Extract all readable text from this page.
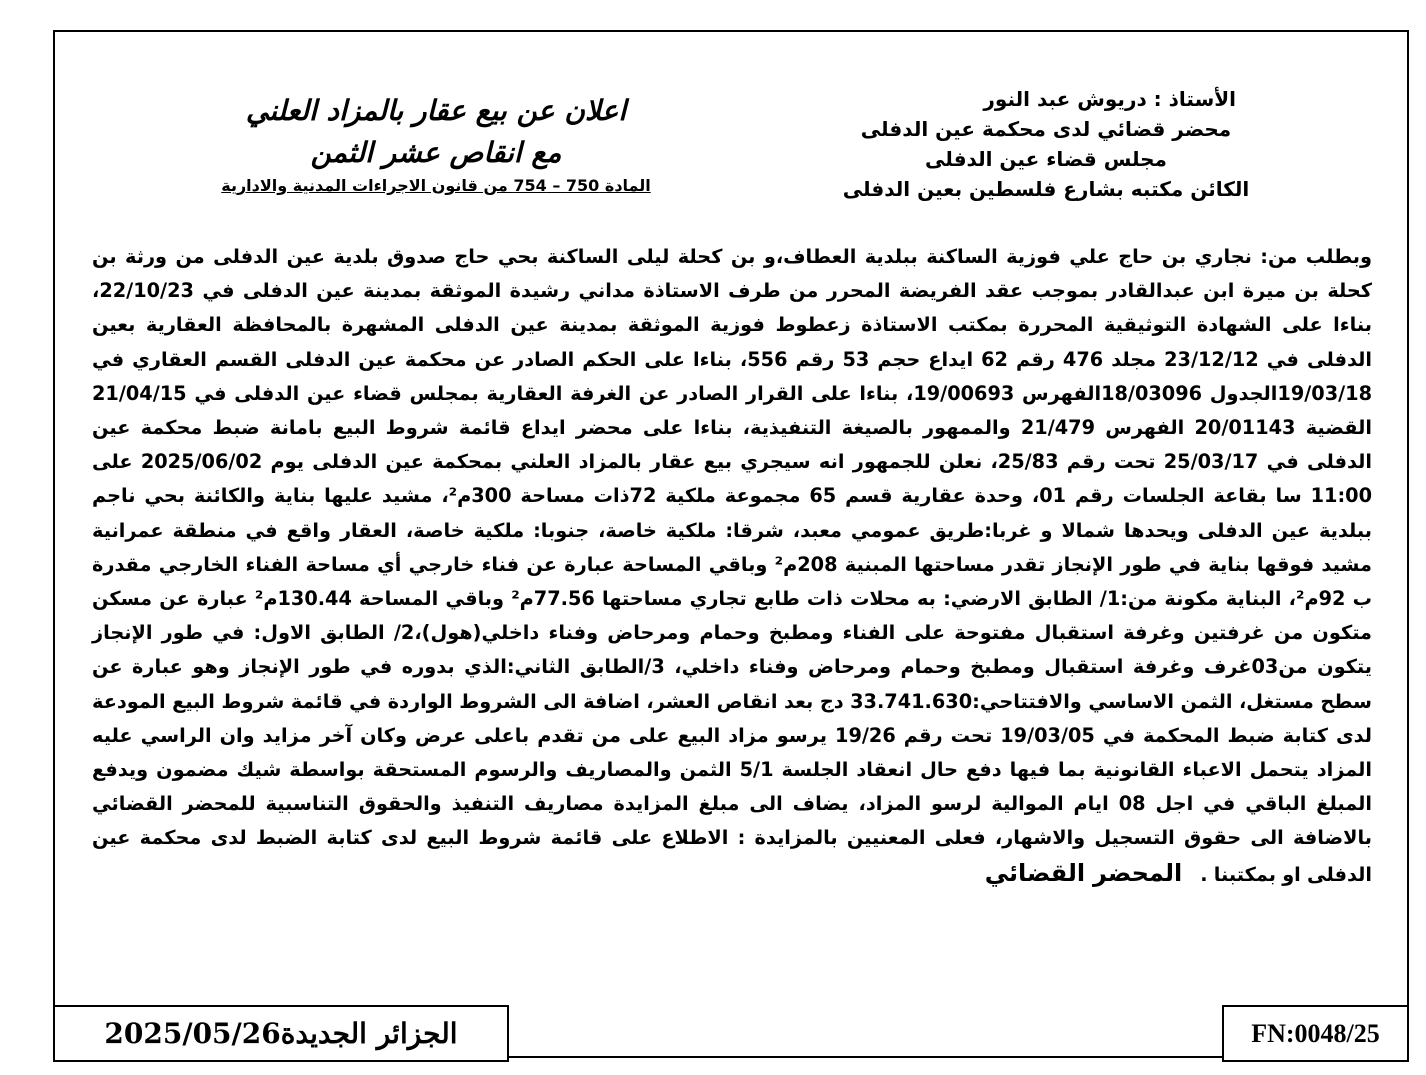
الأستاذ : دريوش عبد النور
محضر قضائي لدى محكمة عين الدفلى
مجلس قضاء عين الدفلى
الكائن مكتبه بشارع فلسطين بعين الدفلى
اعلان عن بيع عقار بالمزاد العلني
مع انقاص عشر الثمن
المادة 750 – 754 من قانون الاجراءات المدنية والادارية

وبطلب من: نجاري بن حاج علي فوزية الساكنة ببلدية العطاف،و بن كحلة ليلى الساكنة بحي حاج صدوق بلدية عين الدفلى من ورثة بن كحلة بن ميرة ابن عبدالقادر بموجب عقد الفريضة المحرر من طرف الاستاذة مداني رشيدة الموثقة بمدينة عين الدفلى في 22/10/23، بناءا على الشهادة التوثيقية المحررة بمكتب الاستاذة زعطوط فوزية الموثقة بمدينة عين الدفلى المشهرة بالمحافظة العقارية بعين الدفلى في 23/12/12 مجلد 476 رقم 62 ايداع حجم 53 رقم 556، بناءا على الحكم الصادر عن محكمة عين الدفلى القسم العقاري في 19/03/18الجدول 18/03096الفهرس 19/00693، بناءا على القرار الصادر عن الغرفة العقارية بمجلس قضاء عين الدفلى في 21/04/15 القضية 20/01143 الفهرس 21/479 والممهور بالصيغة التنفيذية، بناءا على محضر ايداع قائمة شروط البيع بامانة ضبط محكمة عين الدفلى في 25/03/17 تحت رقم 25/83، نعلن للجمهور انه سيجري بيع عقار بالمزاد العلني بمحكمة عين الدفلى يوم 2025/06/02 على 11:00 سا بقاعة الجلسات رقم 01، وحدة عقارية قسم 65 مجموعة ملكية 72ذات مساحة 300م²، مشيد عليها بناية والكائنة بحي ناجم ببلدية عين الدفلى ويحدها شمالا و غربا:طريق عمومي معبد، شرقا: ملكية خاصة، جنوبا: ملكية خاصة، العقار واقع في منطقة عمرانية مشيد فوقها بناية في طور الإنجاز تقدر مساحتها المبنية 208م² وباقي المساحة عبارة عن فناء خارجي أي مساحة الفناء الخارجي مقدرة ب 92م²، البناية مكونة من:1/ الطابق الارضي: به محلات ذات طابع تجاري مساحتها 77.56م² وباقي المساحة 130.44م² عبارة عن مسكن متكون من غرفتين وغرفة استقبال مفتوحة على الفناء ومطبخ وحمام ومرحاض وفناء داخلي(هول)،2/ الطابق الاول: في طور الإنجاز يتكون من03غرف وغرفة استقبال ومطبخ وحمام ومرحاض وفناء داخلي، 3/الطابق الثاني:الذي بدوره في طور الإنجاز وهو عبارة عن سطح مستغل، الثمن الاساسي والافتتاحي:33.741.630 دج بعد انقاص العشر، اضافة الى الشروط الواردة في قائمة شروط البيع المودعة لدى كتابة ضبط المحكمة في 19/03/05 تحت رقم 19/26 يرسو مزاد البيع على من تقدم باعلى عرض وكان آخر مزايد وان الراسي عليه المزاد يتحمل الاعباء القانونية بما فيها دفع حال انعقاد الجلسة 5/1 الثمن والمصاريف والرسوم المستحقة بواسطة شيك مضمون ويدفع المبلغ الباقي في اجل 08 ايام الموالية لرسو المزاد، يضاف الى مبلغ المزايدة مصاريف التنفيذ والحقوق التناسبية للمحضر القضائي بالاضافة الى حقوق التسجيل والاشهار، فعلى المعنيين بالمزايدة : الاطلاع على قائمة شروط البيع لدى كتابة الضبط لدى محكمة عين الدفلى او بمكتبنا .المحضر القضائي

الجزائر الجديدة2025/05/26	FN:0048/25
